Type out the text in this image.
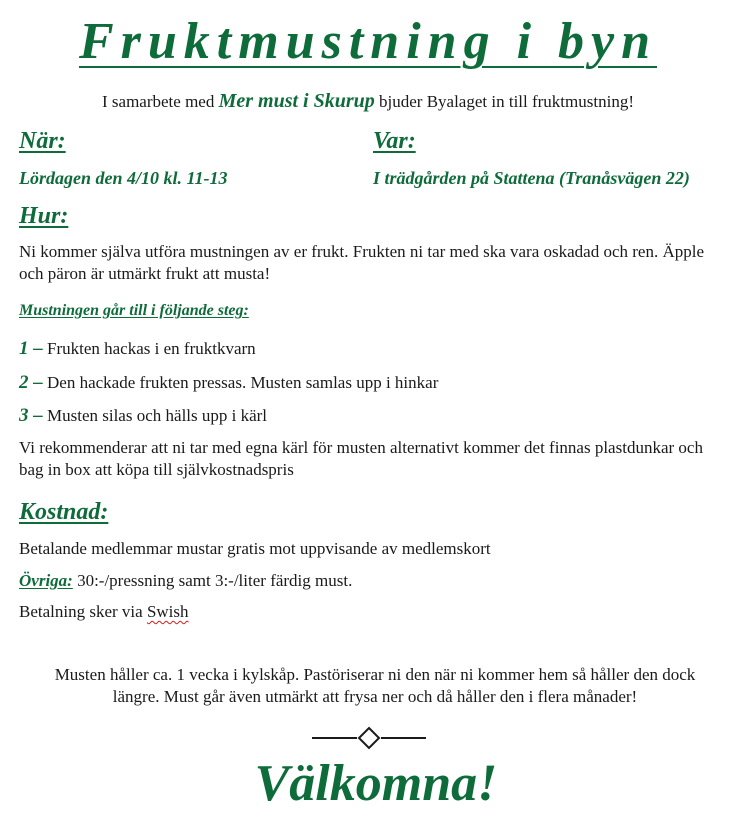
Fruktmustning i byn
I samarbete med Mer must i Skurup bjuder Byalaget in till fruktmustning!
När:	Var:
Lördagen den 4/10 kl. 11-13	I trädgården på Stattena (Tranåsvägen 22)
Hur:

Ni kommer själva utföra mustningen av er frukt. Frukten ni tar med ska vara oskadad och ren. Äpple och päron är utmärkt frukt att musta!

Mustningen går till i följande steg:
1 – Frukten hackas i en fruktkvarn
2 – Den hackade frukten pressas. Musten samlas upp i hinkar
3 – Musten silas och hälls upp i kärl

Vi rekommenderar att ni tar med egna kärl för musten alternativt kommer det finnas plastdunkar och bag in box att köpa till självkostnadspris

Kostnad:

Betalande medlemmar mustar gratis mot uppvisande av medlemskort

Övriga: 30:-/pressning samt 3:-/liter färdig must.

Betalning sker via Swish

Musten håller ca. 1 vecka i kylskåp. Pastöriserar ni den när ni kommer hem så håller den dock längre. Must går även utmärkt att frysa ner och då håller den i flera månader!

Välkomna!
